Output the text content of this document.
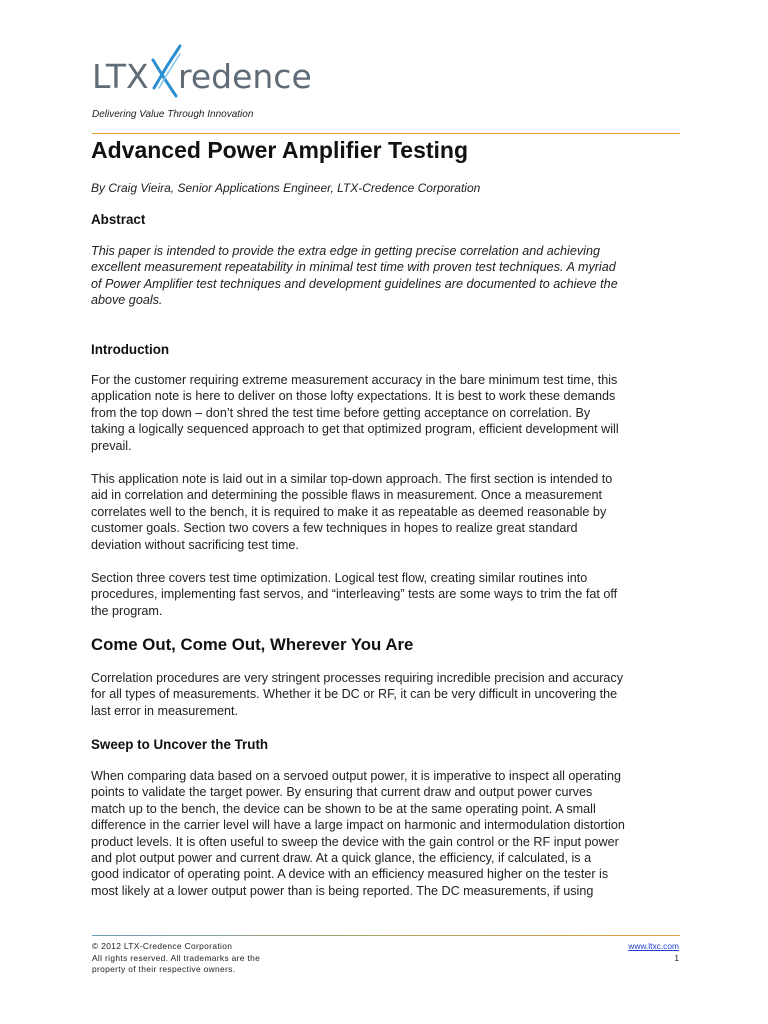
LTX redence
Delivering Value Through Innovation
Advanced Power Amplifier Testing
By Craig Vieira, Senior Applications Engineer, LTX-Credence Corporation
Abstract

This paper is intended to provide the extra edge in getting precise correlation and achieving
excellent measurement repeatability in minimal test time with proven test techniques. A myriad
of Power Amplifier test techniques and development guidelines are documented to achieve the
above goals.

Introduction

For the customer requiring extreme measurement accuracy in the bare minimum test time, this
application note is here to deliver on those lofty expectations. It is best to work these demands
from the top down – don’t shred the test time before getting acceptance on correlation. By
taking a logically sequenced approach to get that optimized program, efficient development will
prevail.

This application note is laid out in a similar top-down approach. The first section is intended to
aid in correlation and determining the possible flaws in measurement. Once a measurement
correlates well to the bench, it is required to make it as repeatable as deemed reasonable by
customer goals. Section two covers a few techniques in hopes to realize great standard
deviation without sacrificing test time.

Section three covers test time optimization. Logical test flow, creating similar routines into
procedures, implementing fast servos, and “interleaving” tests are some ways to trim the fat off
the program.

Come Out, Come Out, Wherever You Are

Correlation procedures are very stringent processes requiring incredible precision and accuracy
for all types of measurements. Whether it be DC or RF, it can be very difficult in uncovering the
last error in measurement.

Sweep to Uncover the Truth

When comparing data based on a servoed output power, it is imperative to inspect all operating
points to validate the target power. By ensuring that current draw and output power curves
match up to the bench, the device can be shown to be at the same operating point. A small
difference in the carrier level will have a large impact on harmonic and intermodulation distortion
product levels. It is often useful to sweep the device with the gain control or the RF input power
and plot output power and current draw. At a quick glance, the efficiency, if calculated, is a
good indicator of operating point. A device with an efficiency measured higher on the tester is
most likely at a lower output power than is being reported. The DC measurements, if using

© 2012 LTX-Credence Corporation
All rights reserved. All trademarks are the
property of their respective owners.
www.ltxc.com
1
